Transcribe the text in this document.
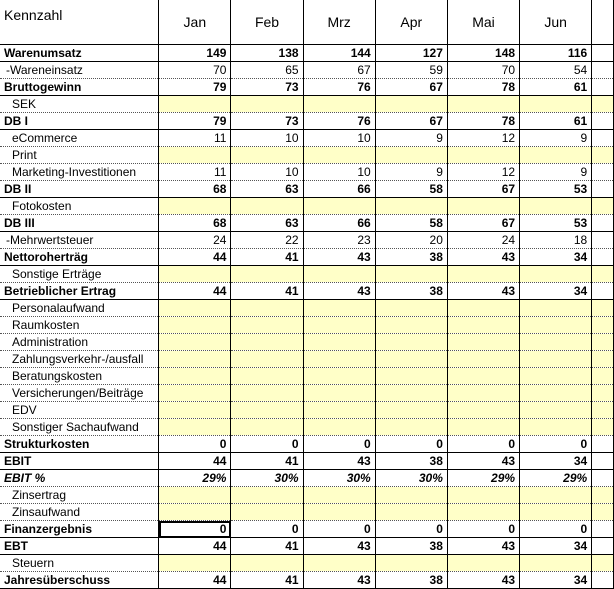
Kennzahl	Jan	Feb	Mrz	Apr	Mai	Jun	
Warenumsatz	149	138	144	127	148	116	
-Wareneinsatz	70	65	67	59	70	54	
Bruttogewinn	79	73	76	67	78	61	
SEK							
DB I	79	73	76	67	78	61	
eCommerce	11	10	10	9	12	9	
Print							
Marketing-Investitionen	11	10	10	9	12	9	
DB II	68	63	66	58	67	53	
Fotokosten							
DB III	68	63	66	58	67	53	
-Mehrwertsteuer	24	22	23	20	24	18	
Nettoroherträg	44	41	43	38	43	34	
Sonstige Erträge							
Betrieblicher Ertrag	44	41	43	38	43	34	
Personalaufwand							
Raumkosten							
Administration							
Zahlungsverkehr-/ausfall							
Beratungskosten							
Versicherungen/Beiträge							
EDV							
Sonstiger Sachaufwand							
Strukturkosten	0	0	0	0	0	0	
EBIT	44	41	43	38	43	34	
EBIT %	29%	30%	30%	30%	29%	29%	
Zinsertrag							
Zinsaufwand							
Finanzergebnis	0	0	0	0	0	0	
EBT	44	41	43	38	43	34	
Steuern							
Jahresüberschuss	44	41	43	38	43	34	
